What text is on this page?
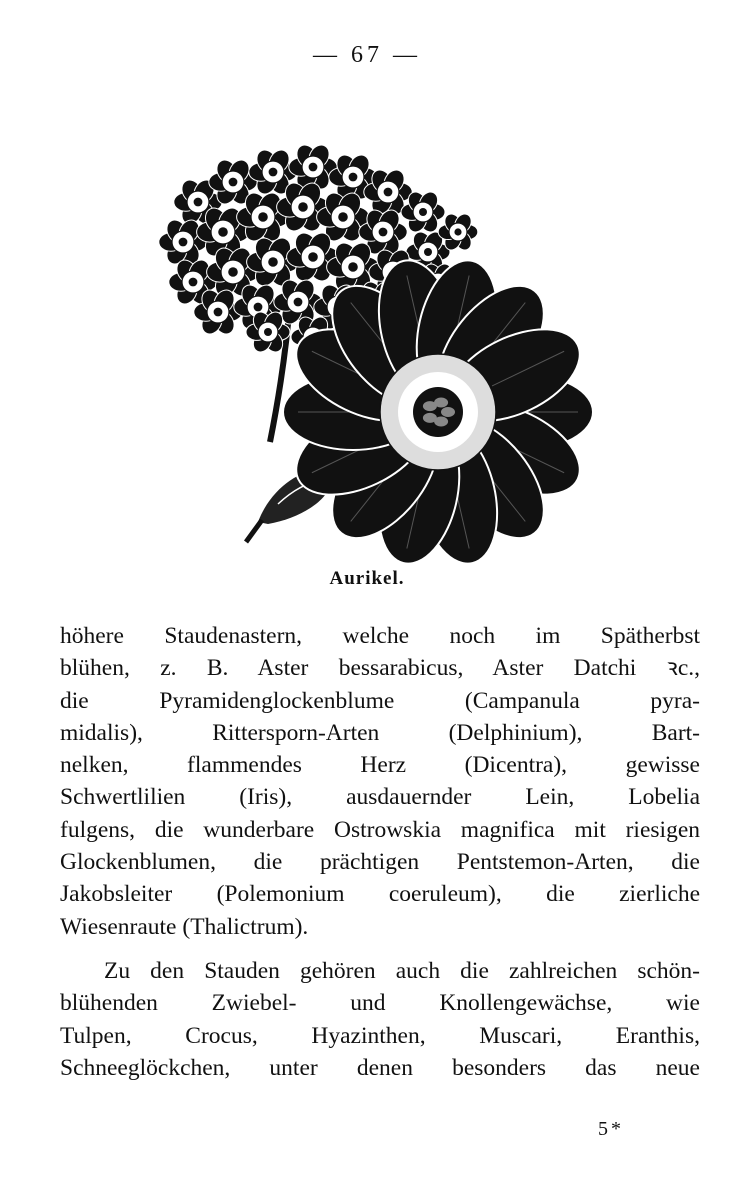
— 67 —
Aurikel.
höhere Staudenastern, welche noch im Spätherbst
blühen, z. B. Aster bessarabicus, Aster Datchi ꝛc.,
die Pyramidenglockenblume (Campanula pyra-
midalis), Rittersporn-Arten (Delphinium), Bart-
nelken, flammendes Herz (Dicentra), gewisse
Schwertlilien (Iris), ausdauernder Lein, Lobelia
fulgens, die wunderbare Ostrowskia magnifica mit riesigen
Glockenblumen, die prächtigen Pentstemon-Arten, die
Jakobsleiter (Polemonium coeruleum), die zierliche
Wiesenraute (Thalictrum).
Zu den Stauden gehören auch die zahlreichen schön-
blühenden Zwiebel- und Knollengewächse, wie
Tulpen, Crocus, Hyazinthen, Muscari, Eranthis,
Schneeglöckchen, unter denen besonders das neue
5*
